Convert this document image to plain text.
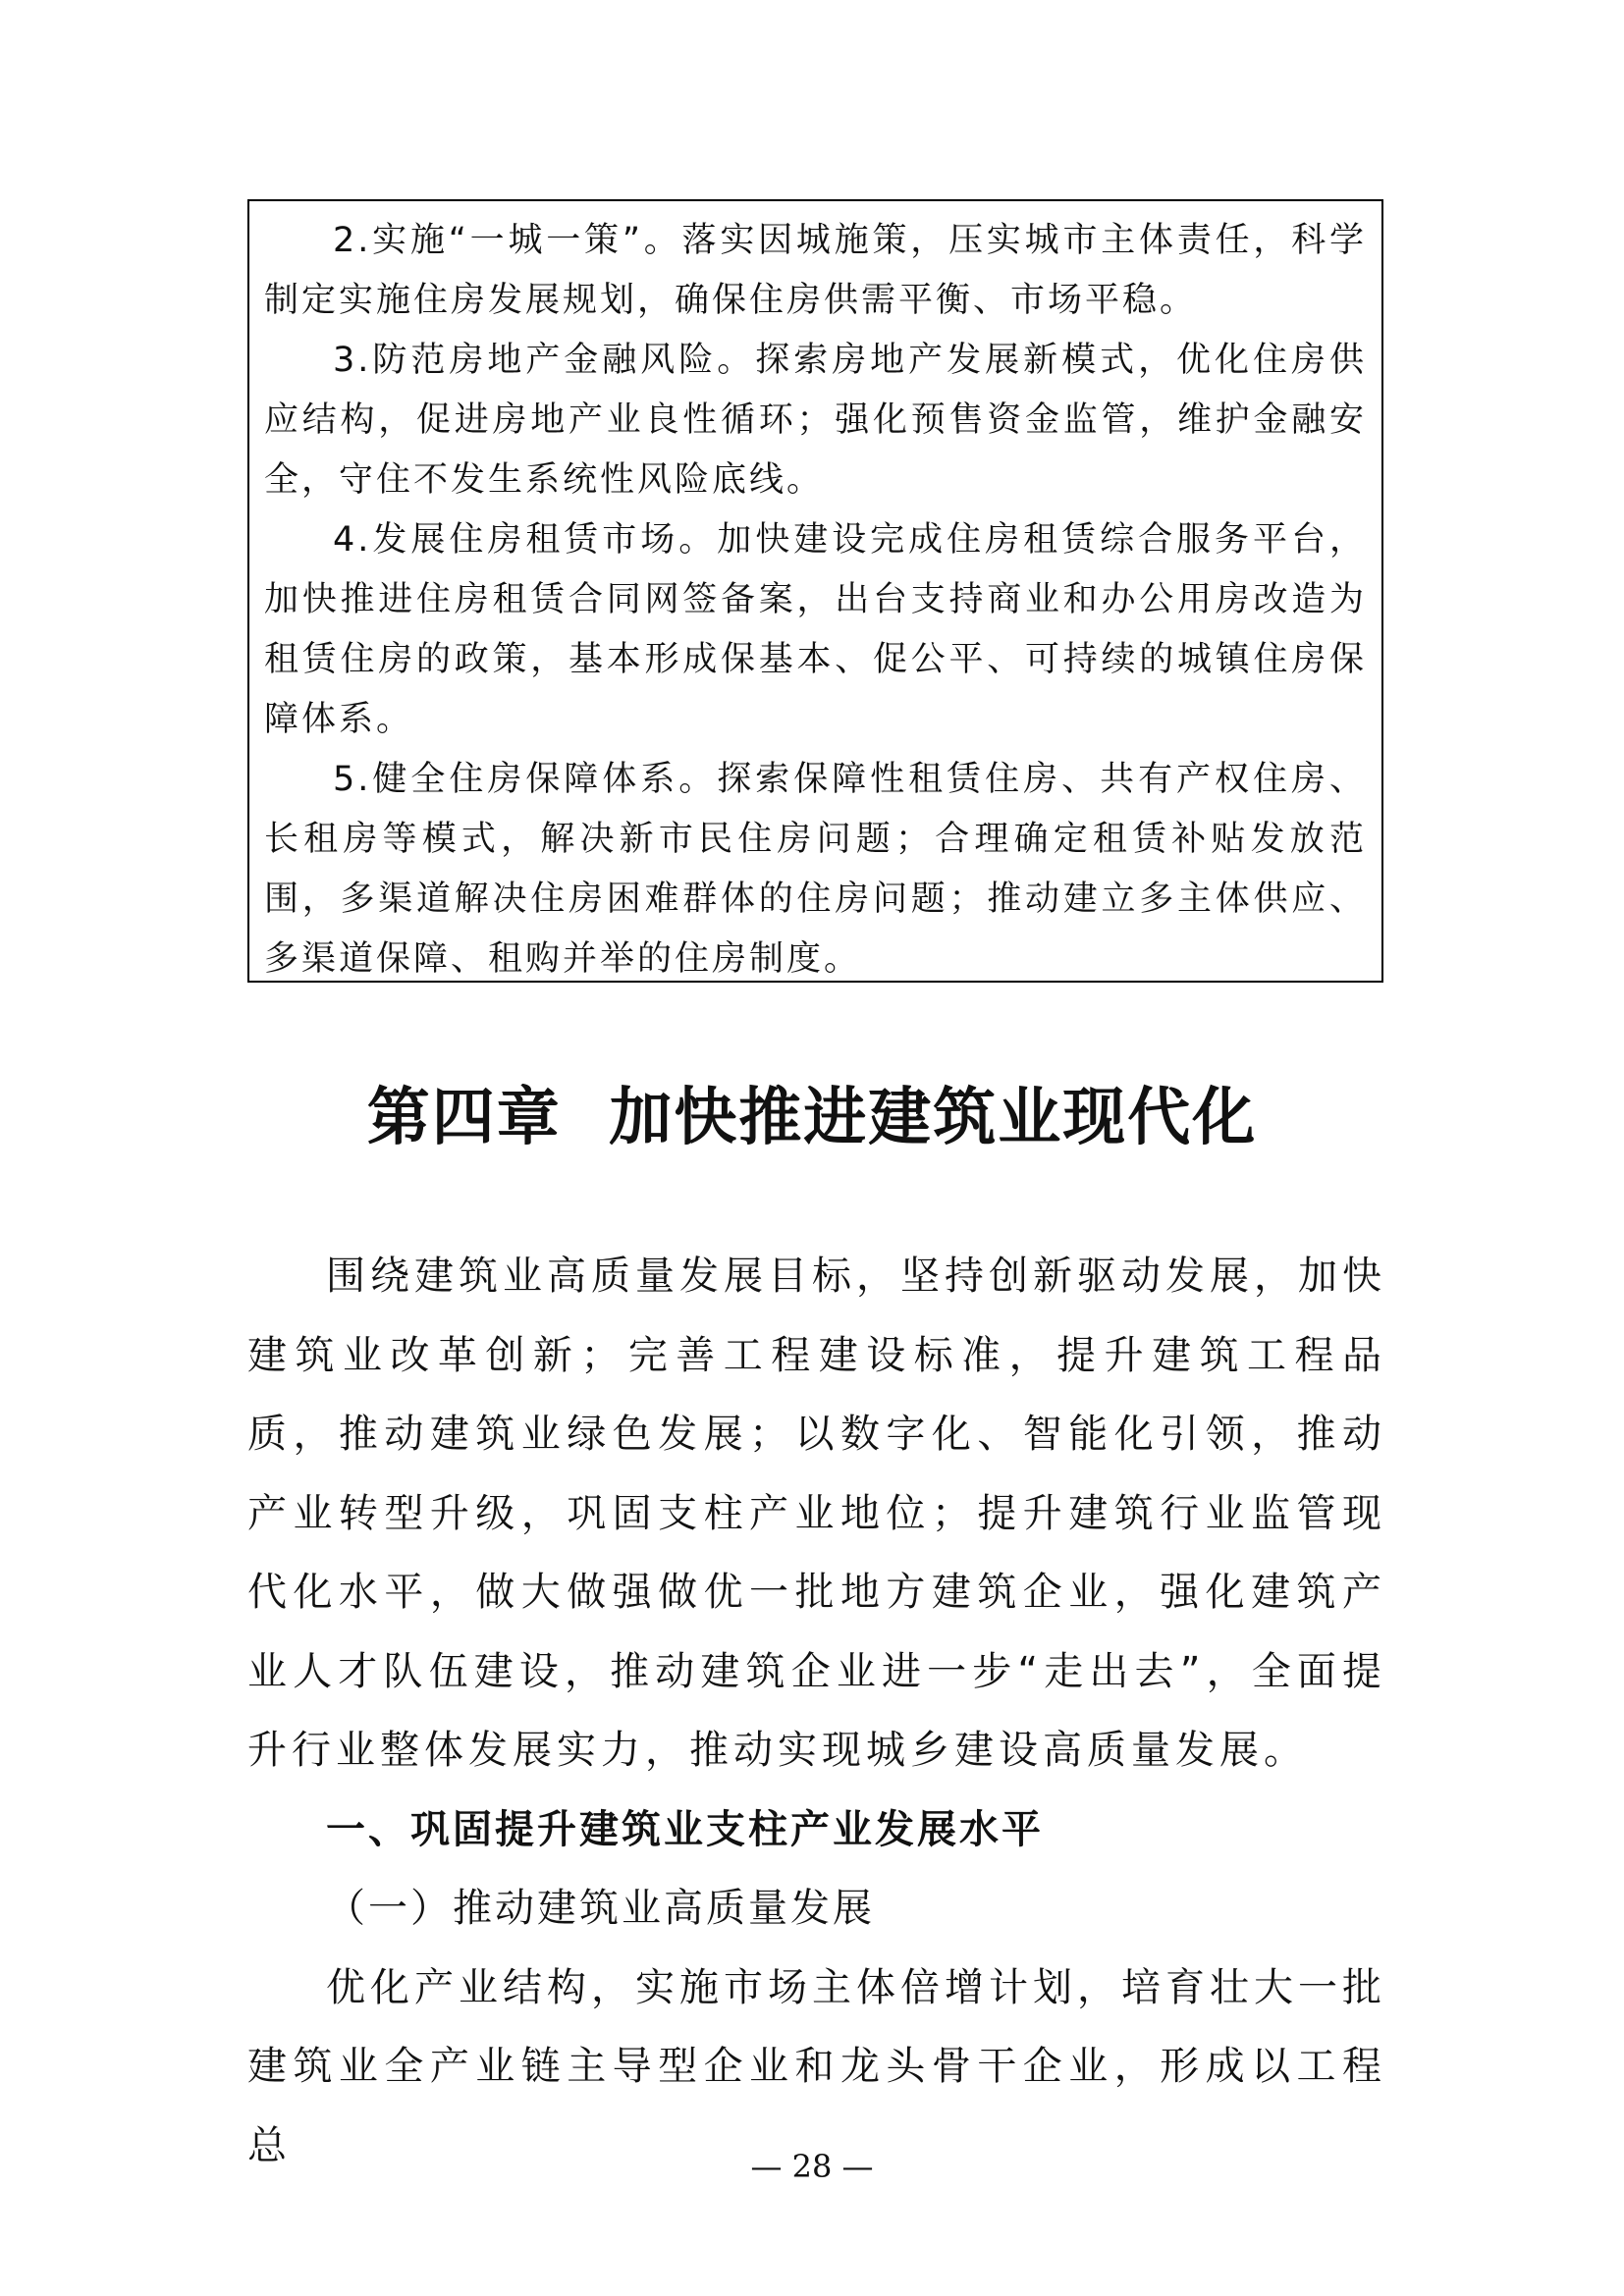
2.实施“一城一策”。落实因城施策，压实城市主体责任，科学制定实施住房发展规划，确保住房供需平衡、市场平稳。

3.防范房地产金融风险。探索房地产发展新模式，优化住房供应结构，促进房地产业良性循环；强化预售资金监管，维护金融安全，守住不发生系统性风险底线。

4.发展住房租赁市场。加快建设完成住房租赁综合服务平台，加快推进住房租赁合同网签备案，出台支持商业和办公用房改造为租赁住房的政策，基本形成保基本、促公平、可持续的城镇住房保障体系。

5.健全住房保障体系。探索保障性租赁住房、共有产权住房、长租房等模式，解决新市民住房问题；合理确定租赁补贴发放范围，多渠道解决住房困难群体的住房问题；推动建立多主体供应、多渠道保障、租购并举的住房制度。

第四章  加快推进建筑业现代化

围绕建筑业高质量发展目标，坚持创新驱动发展，加快建筑业改革创新；完善工程建设标准，提升建筑工程品质，推动建筑业绿色发展；以数字化、智能化引领，推动产业转型升级，巩固支柱产业地位；提升建筑行业监管现代化水平，做大做强做优一批地方建筑企业，强化建筑产业人才队伍建设，推动建筑企业进一步“走出去”，全面提升行业整体发展实力，推动实现城乡建设高质量发展。

一、巩固提升建筑业支柱产业发展水平

（一）推动建筑业高质量发展

优化产业结构，实施市场主体倍增计划，培育壮大一批建筑业全产业链主导型企业和龙头骨干企业，形成以工程总	— 28 —
